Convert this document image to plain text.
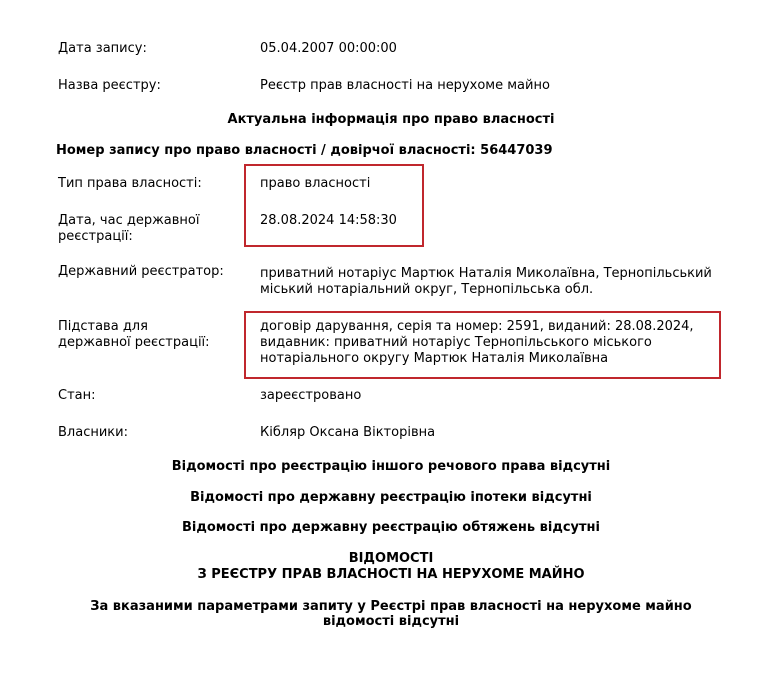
Дата запису:	05.04.2007 00:00:00
Назва реєстру:	Реєстр прав власності на нерухоме майно
Актуальна інформація про право власності
Номер запису про право власності / довірчої власності: 56447039
Тип права власності:	право власності
Дата, час державної
реєстрації:
28.08.2024 14:58:30
Державний реєстратор:	приватний нотаріус Мартюк Наталія Миколаївна, Тернопільський
міський нотаріальний округ, Тернопільська обл.
Підстава для
державної реєстрації:
договір дарування, серія та номер: 2591, виданий: 28.08.2024,
видавник: приватний нотаріус Тернопільського міського
нотаріального округу Мартюк Наталія Миколаївна
Стан:	зареєстровано
Власники:	Кібляр Оксана Вікторівна
Відомості про реєстрацію іншого речового права відсутні
Відомості про державну реєстрацію іпотеки відсутні
Відомості про державну реєстрацію обтяжень відсутні
ВІДОМОСТІ
З РЕЄСТРУ ПРАВ ВЛАСНОСТІ НА НЕРУХОМЕ МАЙНО
За вказаними параметрами запиту у Реєстрі прав власності на нерухоме майно
відомості відсутні
